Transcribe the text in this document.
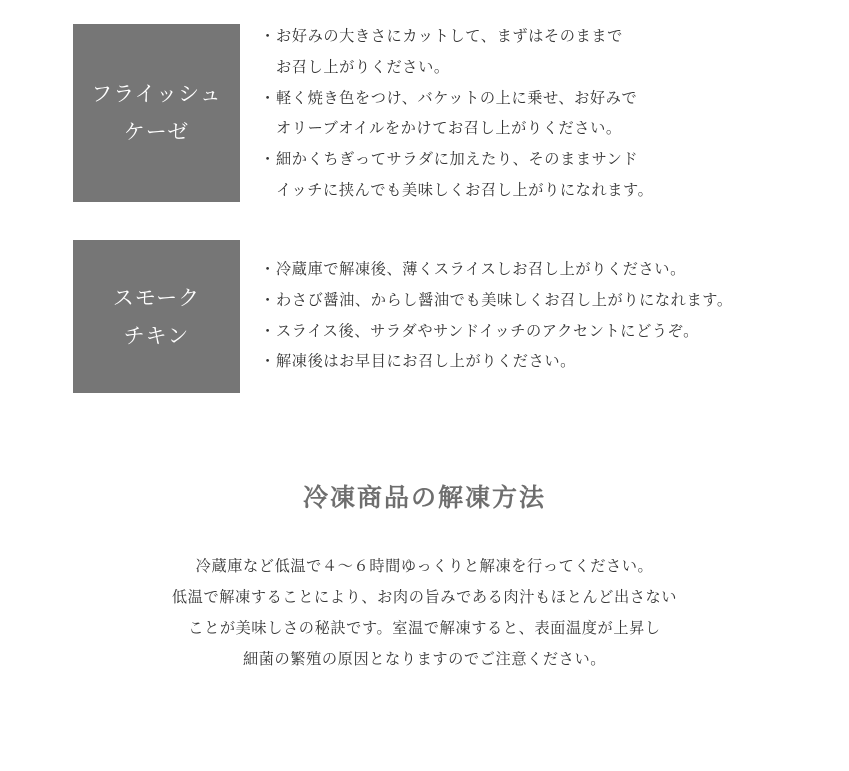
フライッシュ
ケーゼ
・ お好みの大きさにカットして、まずはそのままで
お召し上がりください。
・ 軽く焼き色をつけ、バケットの上に乗せ、お好みで
オリーブオイルをかけてお召し上がりください。
・ 細かくちぎってサラダに加えたり、そのままサンド
イッチに挟んでも美味しくお召し上がりになれます。
スモーク
チキン
・ 冷蔵庫で解凍後、薄くスライスしお召し上がりください。
・ わさび醤油、からし醤油でも美味しくお召し上がりになれます。
・ スライス後、サラダやサンドイッチのアクセントにどうぞ。
・ 解凍後はお早目にお召し上がりください。
冷凍商品の解凍方法

冷蔵庫など低温で４～６時間ゆっくりと解凍を行ってください。
低温で解凍することにより、お肉の旨みである肉汁もほとんど出さない
ことが美味しさの秘訣です。室温で解凍すると、表面温度が上昇し
細菌の繁殖の原因となりますのでご注意ください。
